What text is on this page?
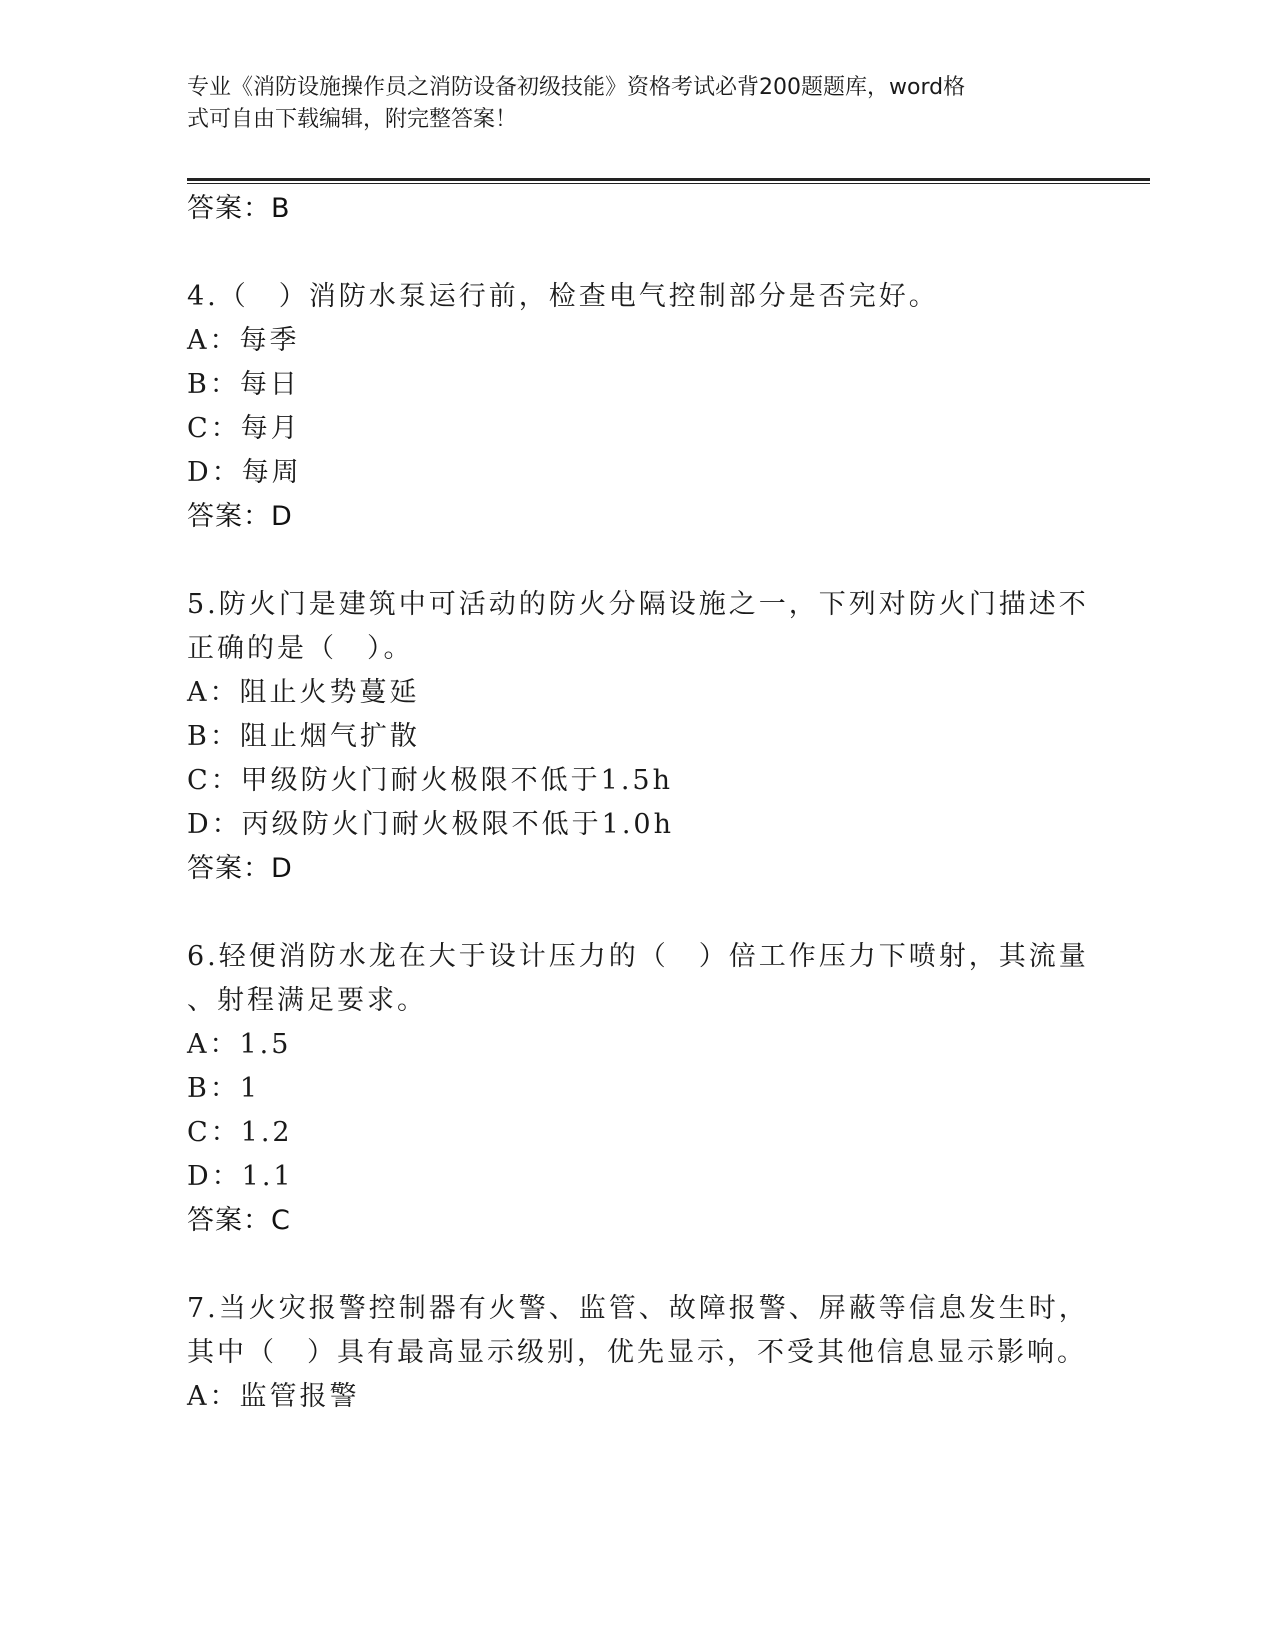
专业《消防设施操作员之消防设备初级技能》资格考试必背200题题库，word格
式可自由下载编辑，附完整答案！
答案：B
4.（　）消防水泵运行前，检查电气控制部分是否完好。
A：每季
B：每日
C：每月
D：每周
答案：D
5.防火门是建筑中可活动的防火分隔设施之一，下列对防火门描述不
正确的是（　）。
A：阻止火势蔓延
B：阻止烟气扩散
C：甲级防火门耐火极限不低于1.5h
D：丙级防火门耐火极限不低于1.0h
答案：D
6.轻便消防水龙在大于设计压力的（　）倍工作压力下喷射，其流量
、射程满足要求。
A：1.5
B：1
C：1.2
D：1.1
答案：C
7.当火灾报警控制器有火警、监管、故障报警、屏蔽等信息发生时，
其中（　）具有最高显示级别，优先显示，不受其他信息显示影响。
A：监管报警
